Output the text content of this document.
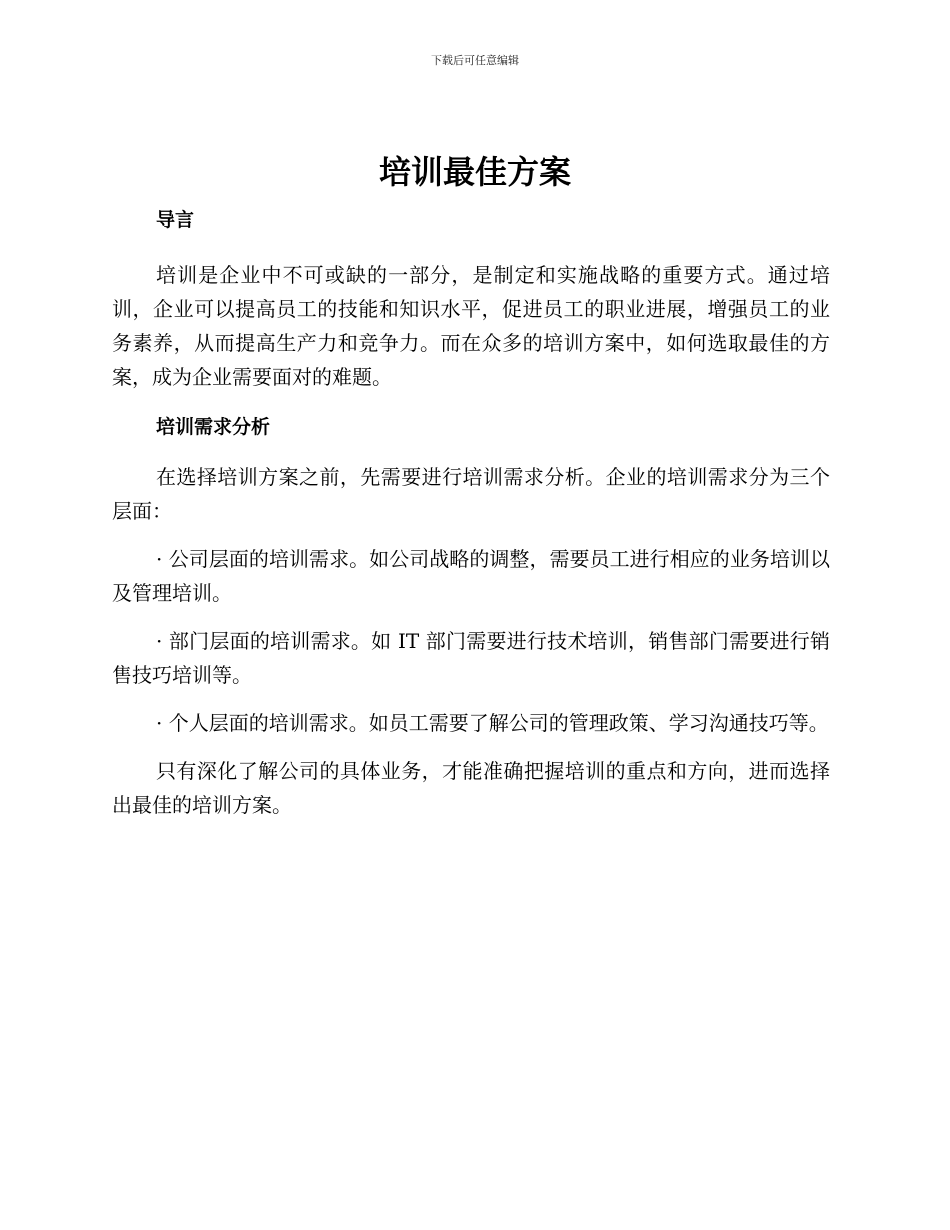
下载后可任意编辑
培训最佳方案
导言

培训是企业中不可或缺的一部分，是制定和实施战略的重要方式。通过培训，企业可以提高员工的技能和知识水平，促进员工的职业进展，增强员工的业务素养，从而提高生产力和竞争力。而在众多的培训方案中，如何选取最佳的方案，成为企业需要面对的难题。

培训需求分析

在选择培训方案之前，先需要进行培训需求分析。企业的培训需求分为三个层面：

· 公司层面的培训需求。如公司战略的调整，需要员工进行相应的业务培训以及管理培训。

· 部门层面的培训需求。如 IT 部门需要进行技术培训，销售部门需要进行销售技巧培训等。

· 个人层面的培训需求。如员工需要了解公司的管理政策、学习沟通技巧等。

只有深化了解公司的具体业务，才能准确把握培训的重点和方向，进而选择出最佳的培训方案。
